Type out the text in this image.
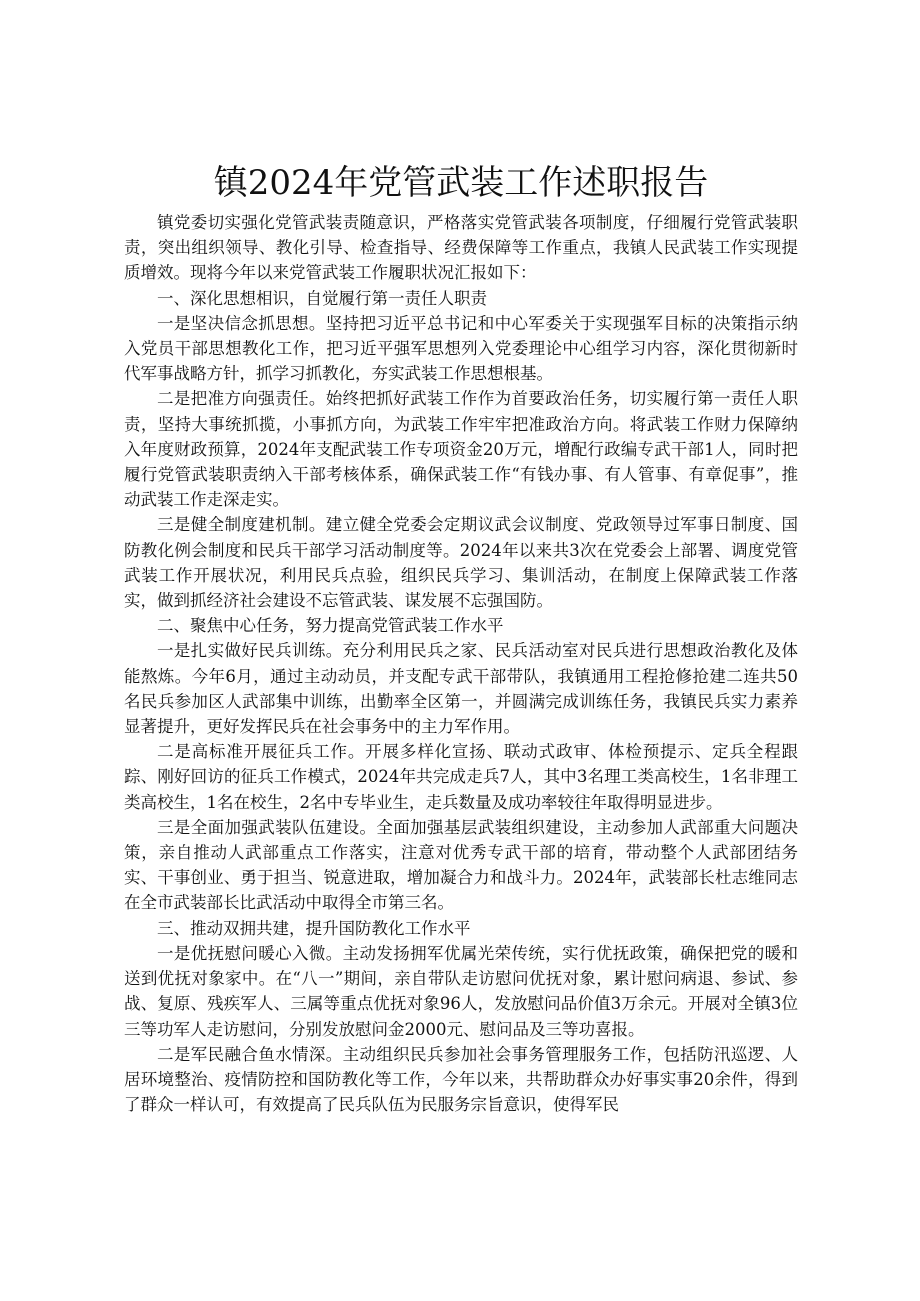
镇2024年党管武装工作述职报告

镇党委切实强化党管武装责随意识，严格落实党管武装各项制度，仔细履行党管武装职责，突出组织领导、教化引导、检查指导、经费保障等工作重点，我镇人民武装工作实现提质增效。现将今年以来党管武装工作履职状况汇报如下：

一、深化思想相识，自觉履行第一责任人职责

一是坚决信念抓思想。坚持把习近平总书记和中心军委关于实现强军目标的决策指示纳入党员干部思想教化工作，把习近平强军思想列入党委理论中心组学习内容，深化贯彻新时代军事战略方针，抓学习抓教化，夯实武装工作思想根基。

二是把准方向强责任。始终把抓好武装工作作为首要政治任务，切实履行第一责任人职责，坚持大事统抓揽，小事抓方向，为武装工作牢牢把准政治方向。将武装工作财力保障纳入年度财政预算，2024年支配武装工作专项资金20万元，增配行政编专武干部1人，同时把履行党管武装职责纳入干部考核体系，确保武装工作“有钱办事、有人管事、有章促事”，推动武装工作走深走实。

三是健全制度建机制。建立健全党委会定期议武会议制度、党政领导过军事日制度、国防教化例会制度和民兵干部学习活动制度等。2024年以来共3次在党委会上部署、调度党管武装工作开展状况，利用民兵点验，组织民兵学习、集训活动，在制度上保障武装工作落实，做到抓经济社会建设不忘管武装、谋发展不忘强国防。

二、聚焦中心任务，努力提高党管武装工作水平

一是扎实做好民兵训练。充分利用民兵之家、民兵活动室对民兵进行思想政治教化及体能熬炼。今年6月，通过主动动员，并支配专武干部带队，我镇通用工程抢修抢建二连共50名民兵参加区人武部集中训练，出勤率全区第一，并圆满完成训练任务，我镇民兵实力素养显著提升，更好发挥民兵在社会事务中的主力军作用。

二是高标准开展征兵工作。开展多样化宣扬、联动式政审、体检预提示、定兵全程跟踪、刚好回访的征兵工作模式，2024年共完成走兵7人，其中3名理工类高校生，1名非理工类高校生，1名在校生，2名中专毕业生，走兵数量及成功率较往年取得明显进步。

三是全面加强武装队伍建设。全面加强基层武装组织建设，主动参加人武部重大问题决策，亲自推动人武部重点工作落实，注意对优秀专武干部的培育，带动整个人武部团结务实、干事创业、勇于担当、锐意进取，增加凝合力和战斗力。2024年，武装部长杜志维同志在全市武装部长比武活动中取得全市第三名。

三、推动双拥共建，提升国防教化工作水平

一是优抚慰问暖心入微。主动发扬拥军优属光荣传统，实行优抚政策，确保把党的暖和送到优抚对象家中。在“八一”期间，亲自带队走访慰问优抚对象，累计慰问病退、参试、参战、复原、残疾军人、三属等重点优抚对象96人，发放慰问品价值3万余元。开展对全镇3位三等功军人走访慰问，分别发放慰问金2000元、慰问品及三等功喜报。

二是军民融合鱼水情深。主动组织民兵参加社会事务管理服务工作，包括防汛巡逻、人居环境整治、疫情防控和国防教化等工作，今年以来，共帮助群众办好事实事20余件，得到了群众一样认可，有效提高了民兵队伍为民服务宗旨意识，使得军民
